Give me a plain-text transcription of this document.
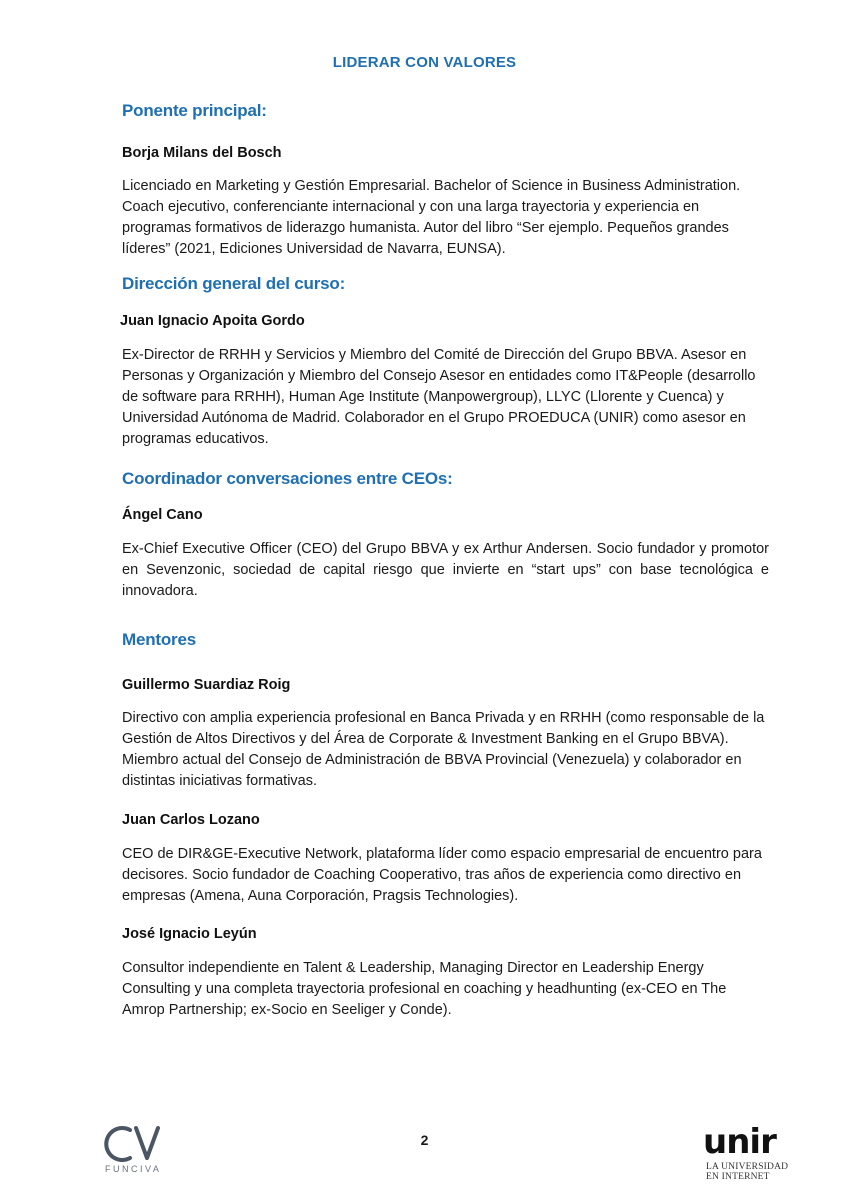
LIDERAR CON VALORES
Ponente principal:

Borja Milans del Bosch

Licenciado en Marketing y Gestión Empresarial. Bachelor of Science in Business Administration. Coach ejecutivo, conferenciante internacional y con una larga trayectoria y experiencia en programas formativos de liderazgo humanista. Autor del libro “Ser ejemplo. Pequeños grandes líderes” (2021, Ediciones Universidad de Navarra, EUNSA).

Dirección general del curso:

Juan Ignacio Apoita Gordo

Ex-Director de RRHH y Servicios y Miembro del Comité de Dirección del Grupo BBVA. Asesor en Personas y Organización y Miembro del Consejo Asesor en entidades como IT&People (desarrollo de software para RRHH), Human Age Institute (Manpowergroup), LLYC (Llorente y Cuenca) y Universidad Autónoma de Madrid. Colaborador en el Grupo PROEDUCA (UNIR) como asesor en programas educativos.

Coordinador conversaciones entre CEOs:

Ángel Cano

Ex-Chief Executive Officer (CEO) del Grupo BBVA y ex Arthur Andersen. Socio fundador y promotor en Sevenzonic, sociedad de capital riesgo que invierte en “start ups” con base tecnológica e innovadora.

Mentores

Guillermo Suardiaz Roig

Directivo con amplia experiencia profesional en Banca Privada y en RRHH (como responsable de la Gestión de Altos Directivos y del Área de Corporate & Investment Banking en el Grupo BBVA). Miembro actual del Consejo de Administración de BBVA Provincial (Venezuela) y colaborador en distintas iniciativas formativas.

Juan Carlos Lozano

CEO de DIR&GE-Executive Network, plataforma líder como espacio empresarial de encuentro para decisores. Socio fundador de Coaching Cooperativo, tras años de experiencia como directivo en empresas (Amena, Auna Corporación, Pragsis Technologies).

José Ignacio Leyún

Consultor independiente en Talent & Leadership, Managing Director en Leadership Energy Consulting y una completa trayectoria profesional en coaching y headhunting (ex-CEO en The Amrop Partnership; ex-Socio en Seeliger y Conde).

FUNCIVA

2	unir
LA UNIVERSIDAD
EN INTERNET
